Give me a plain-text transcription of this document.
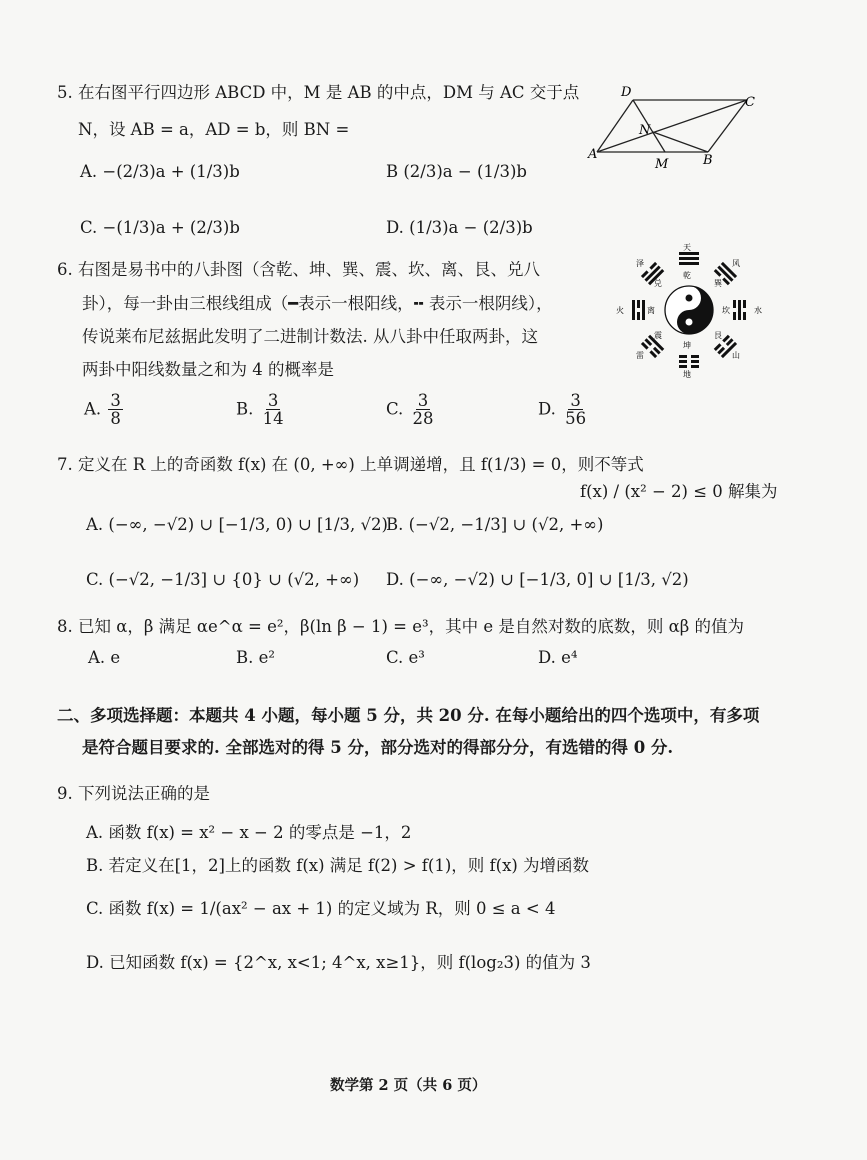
5. 在右图平行四边形 ABCD 中，M 是 AB 的中点，DM 与 AC 交于点
N，设 AB = a，AD = b，则 BN =
A. −(2/3)a + (1/3)b	B (2/3)a − (1/3)b
C. −(1/3)a + (2/3)b	D. (1/3)a − (2/3)b
D
C
N
A
M	B
6. 右图是易书中的八卦图（含乾、坤、巽、震、坎、离、艮、兑八
卦），每一卦由三根线组成（━表示一根阳线，╍ 表示一根阴线），
传说莱布尼兹据此发明了二进制计数法. 从八卦中任取两卦，这
两卦中阳线数量之和为 4 的概率是
A. $\frac{3}{8}$	B. $\frac{3}{14}$	C. $\frac{3}{28}$	D. $\frac{3}{56}$
天
乾
风
巽
水
坎
山
艮
地
坤
雷
震
火	离
泽
兑
7. 定义在 R 上的奇函数 f(x) 在 (0, +∞) 上单调递增，且 f(1/3) = 0，则不等式
f(x) / (x² − 2) ≤ 0 解集为
A. (−∞, −√2) ∪ [−1/3, 0) ∪ [1/3, √2)
B. (−√2, −1/3] ∪ (√2, +∞)
C. (−√2, −1/3] ∪ {0} ∪ (√2, +∞) D. (−∞, −√2) ∪ [−1/3, 0] ∪ [1/3, √2)
8. 已知 α，β 满足 αe^α = e²，β(ln β − 1) = e³，其中 e 是自然对数的底数，则 αβ 的值为
A. e	B. e²	C. e³	D. e⁴
二、多项选择题：本题共 4 小题，每小题 5 分，共 20 分. 在每小题给出的四个选项中，有多项
是符合题目要求的. 全部选对的得 5 分，部分选对的得部分分，有选错的得 0 分.
9. 下列说法正确的是
A. 函数 f(x) = x² − x − 2 的零点是 −1，2
B. 若定义在[1，2]上的函数 f(x) 满足 f(2) > f(1)，则 f(x) 为增函数
C. 函数 f(x) = 1/(ax² − ax + 1) 的定义域为 R，则 0 ≤ a < 4
D. 已知函数 f(x) = {2^x, x<1; 4^x, x≥1}，则 f(log₂3) 的值为 3
数学第 2 页（共 6 页）
